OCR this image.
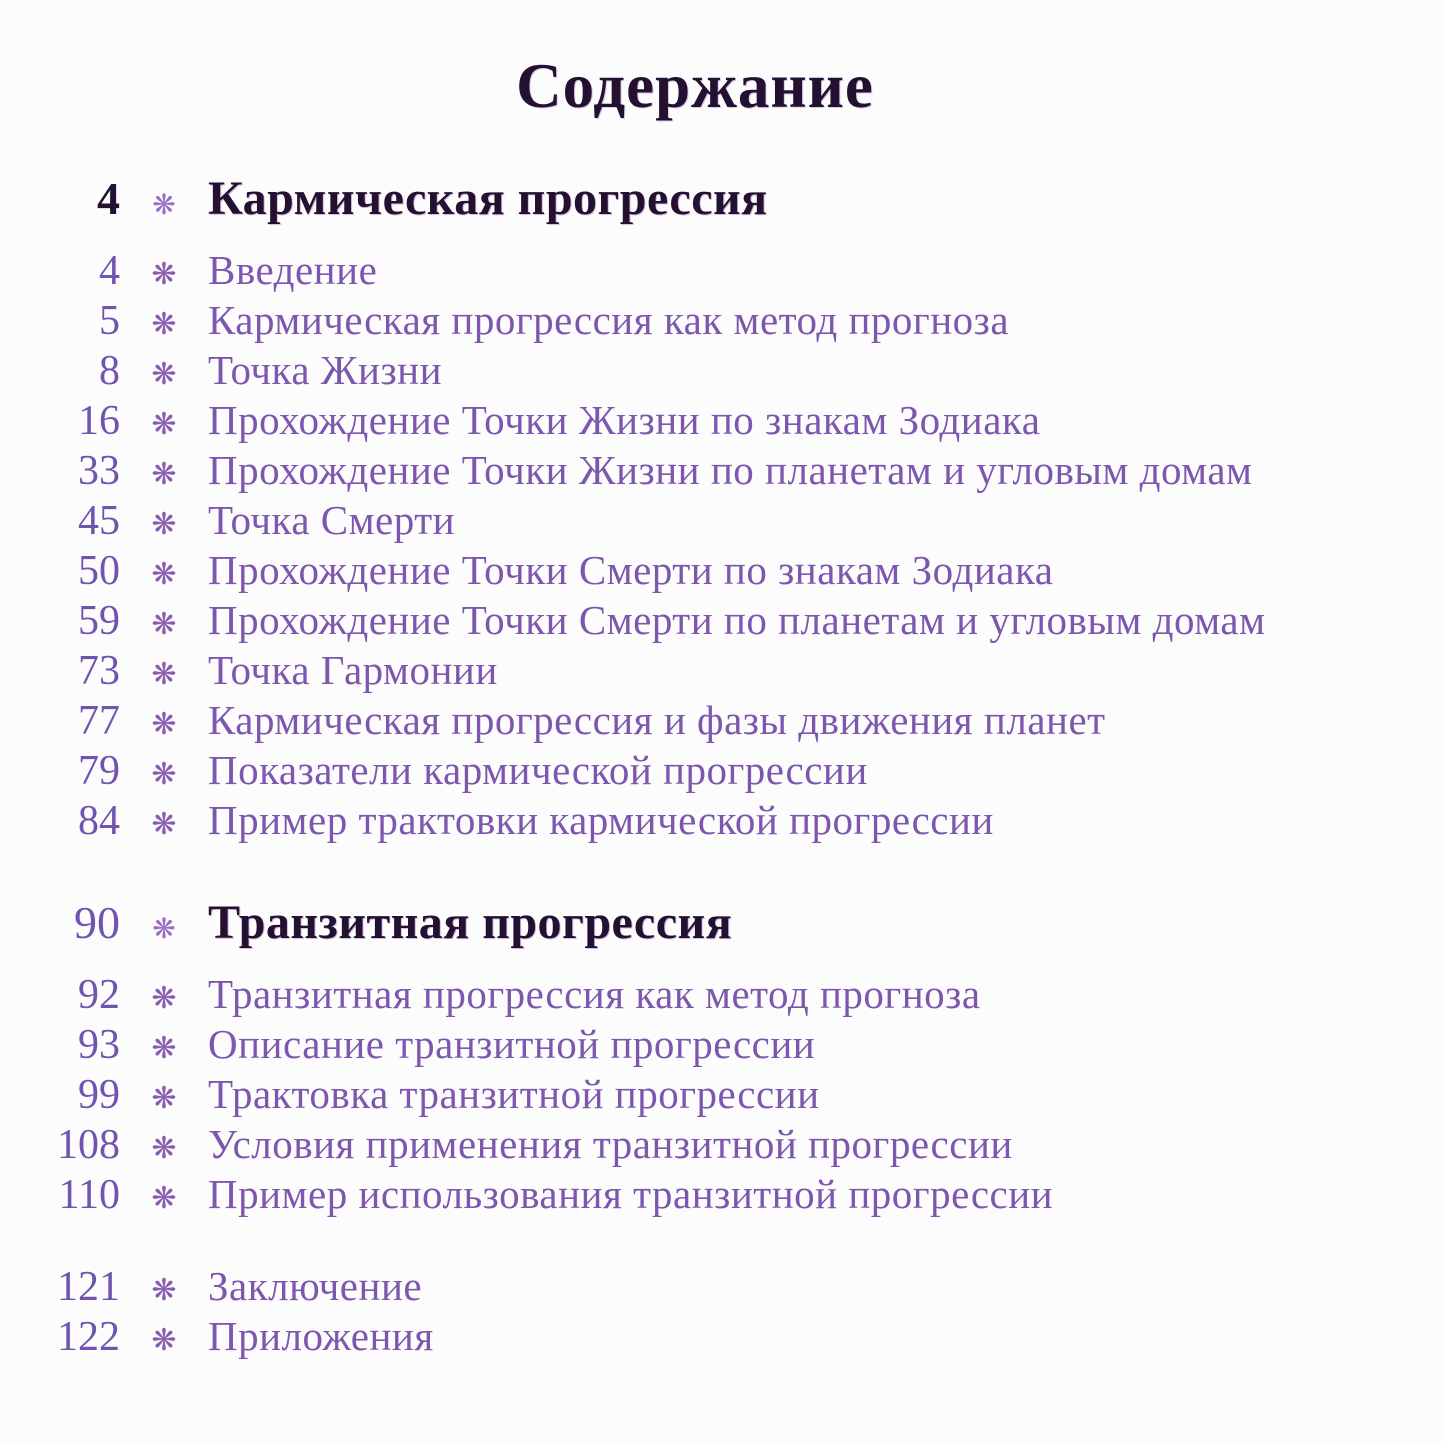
Содержание
4	❋ Кармическая прогрессия
4	❋ Введение
5	❋ Кармическая прогрессия как метод прогноза
8	❋ Точка Жизни
16	❋ Прохождение Точки Жизни по знакам Зодиака
33	❋ Прохождение Точки Жизни по планетам и угловым домам
45	❋ Точка Смерти
50	❋ Прохождение Точки Смерти по знакам Зодиака
59	❋ Прохождение Точки Смерти по планетам и угловым домам
73	❋ Точка Гармонии
77	❋ Кармическая прогрессия и фазы движения планет
79	❋ Показатели кармической прогрессии
84	❋ Пример трактовки кармической прогрессии
90	❋ Транзитная прогрессия
92	❋ Транзитная прогрессия как метод прогноза
93	❋ Описание транзитной прогрессии
99	❋ Трактовка транзитной прогрессии
108	❋ Условия применения транзитной прогрессии
110	❋ Пример использования транзитной прогрессии
121	❋ Заключение
122	❋ Приложения
